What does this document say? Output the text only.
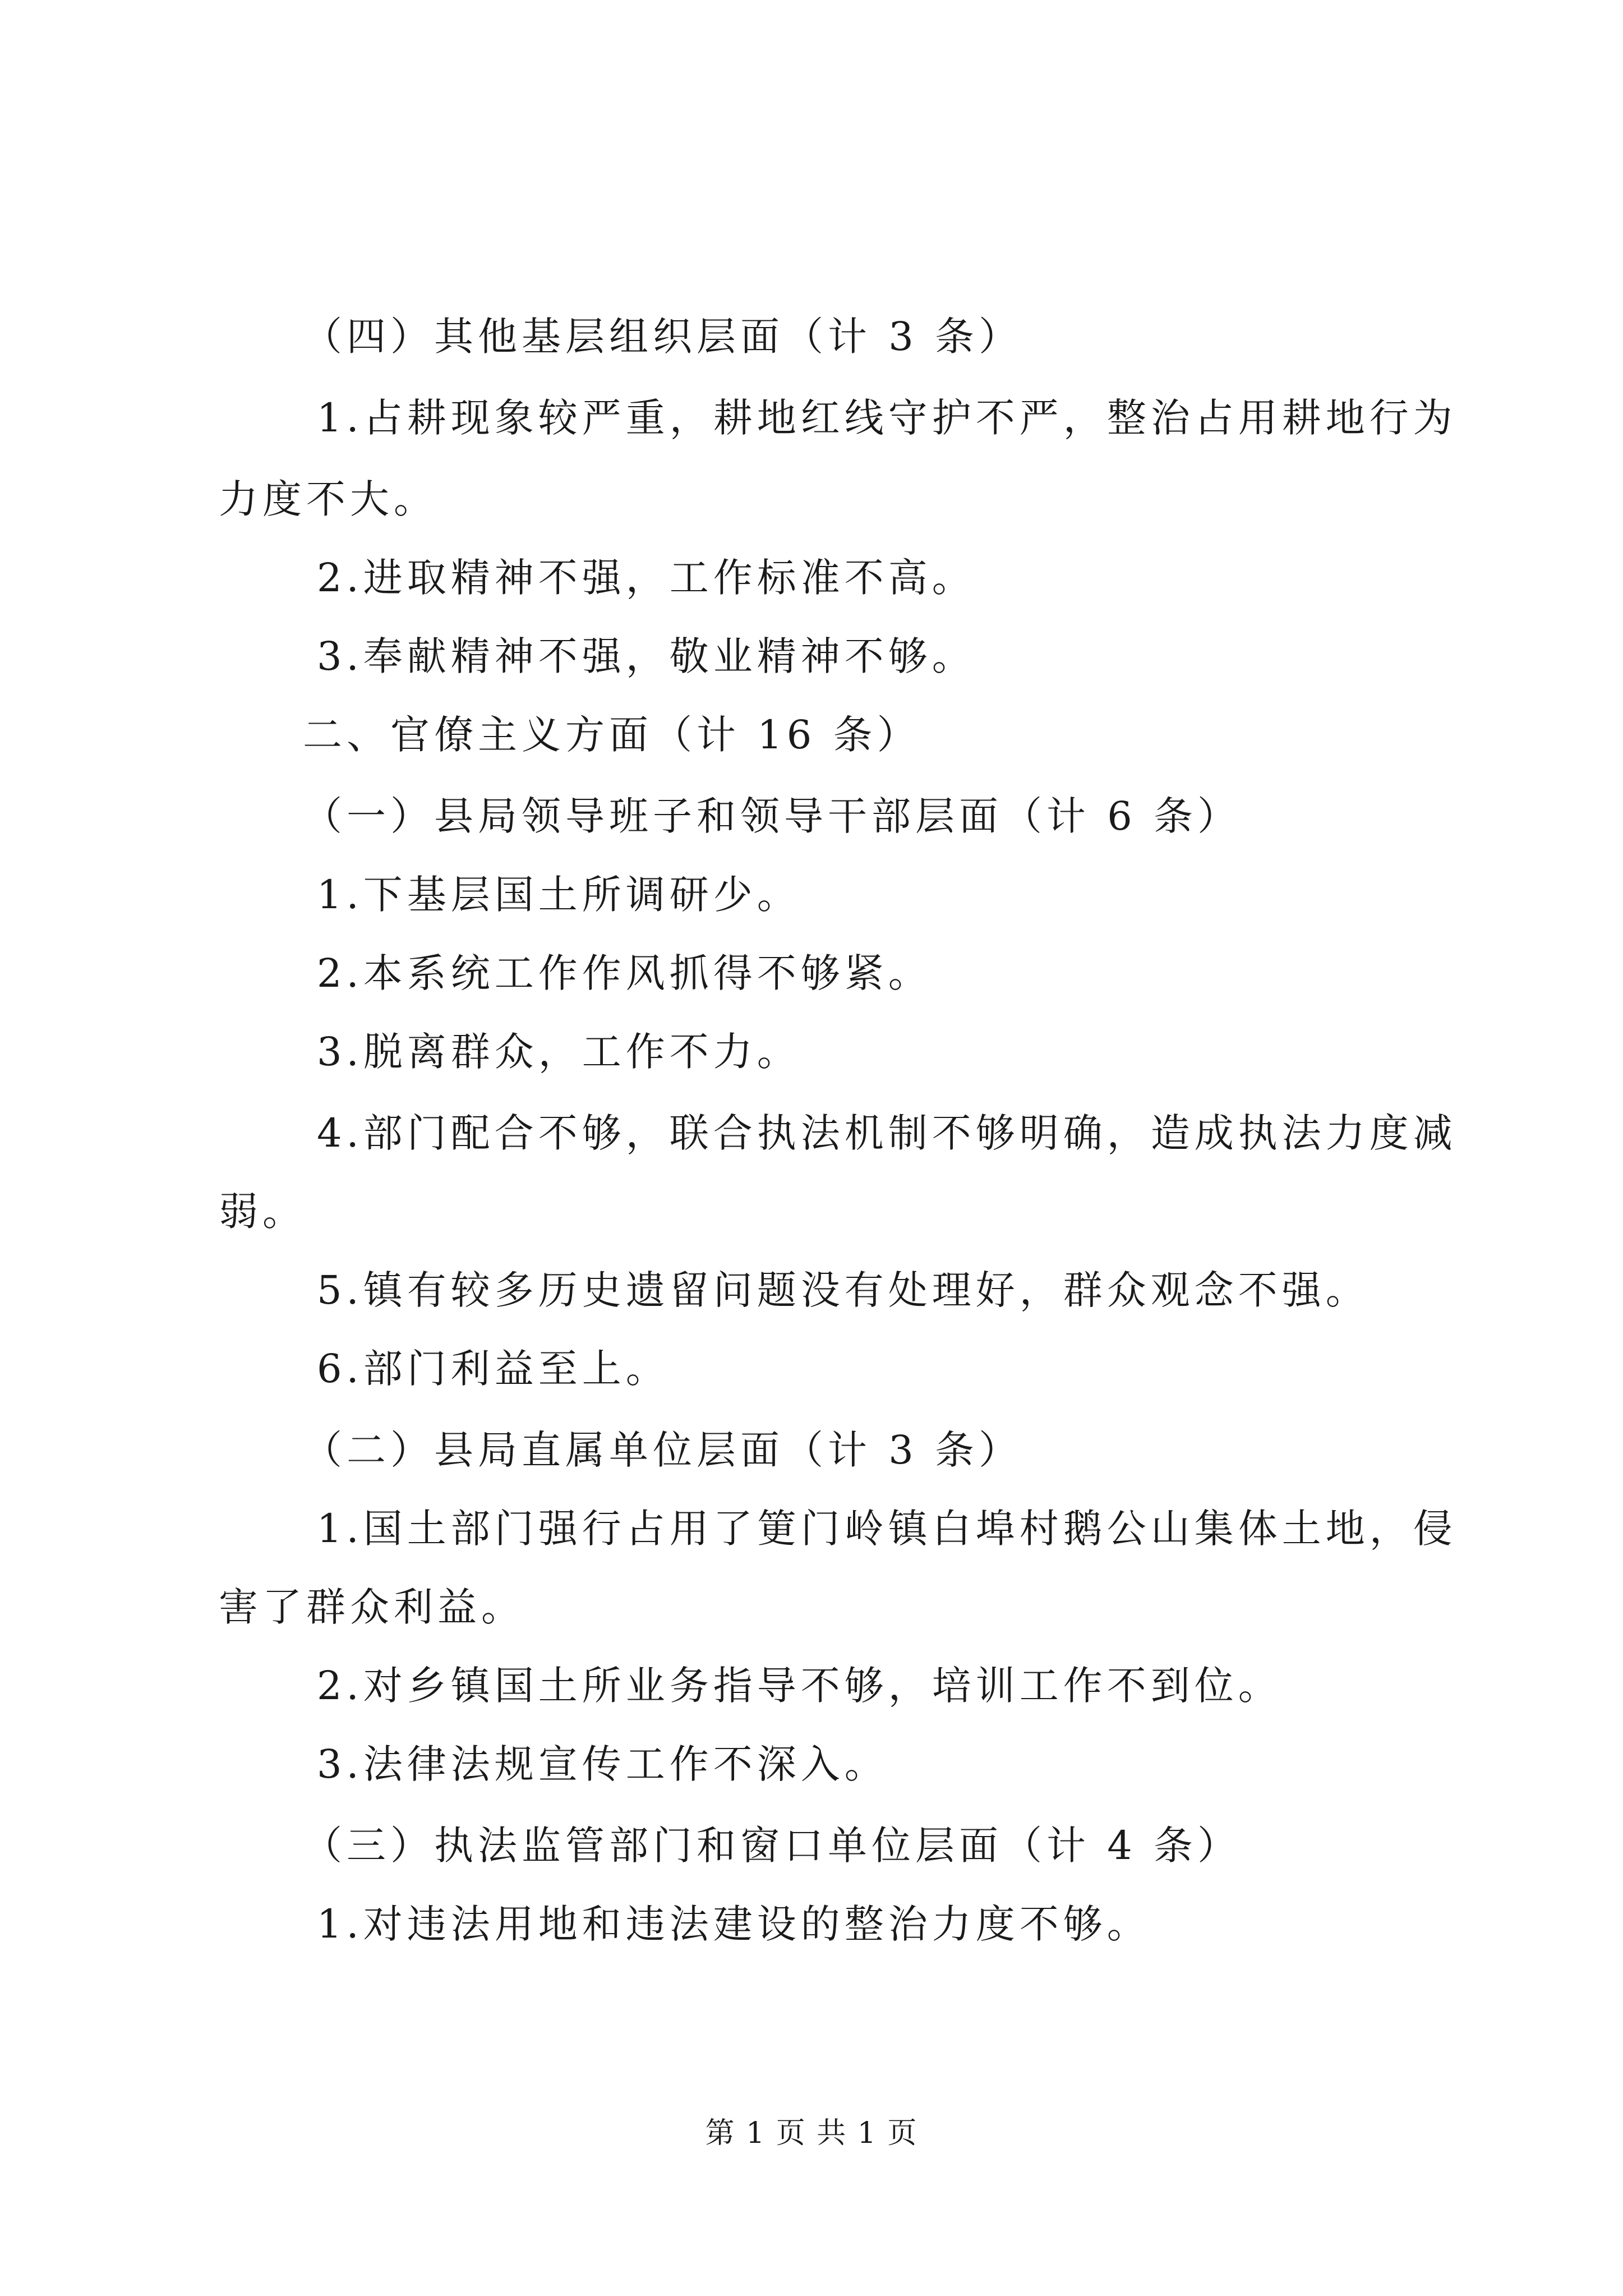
（四）其他基层组织层面（计 3 条）
1.占耕现象较严重，耕地红线守护不严，整治占用耕地行为
力度不大。
2.进取精神不强，工作标准不高。
3.奉献精神不强，敬业精神不够。
二、官僚主义方面（计 16 条）
（一）县局领导班子和领导干部层面（计 6 条）
1.下基层国土所调研少。
2.本系统工作作风抓得不够紧。
3.脱离群众，工作不力。
4.部门配合不够，联合执法机制不够明确，造成执法力度减
弱。
5.镇有较多历史遗留问题没有处理好，群众观念不强。
6.部门利益至上。
（二）县局直属单位层面（计 3 条）
1.国土部门强行占用了筻门岭镇白埠村鹅公山集体土地，侵
害了群众利益。
2.对乡镇国土所业务指导不够，培训工作不到位。
3.法律法规宣传工作不深入。
（三）执法监管部门和窗口单位层面（计 4 条）
1.对违法用地和违法建设的整治力度不够。
第 1 页 共 1 页
